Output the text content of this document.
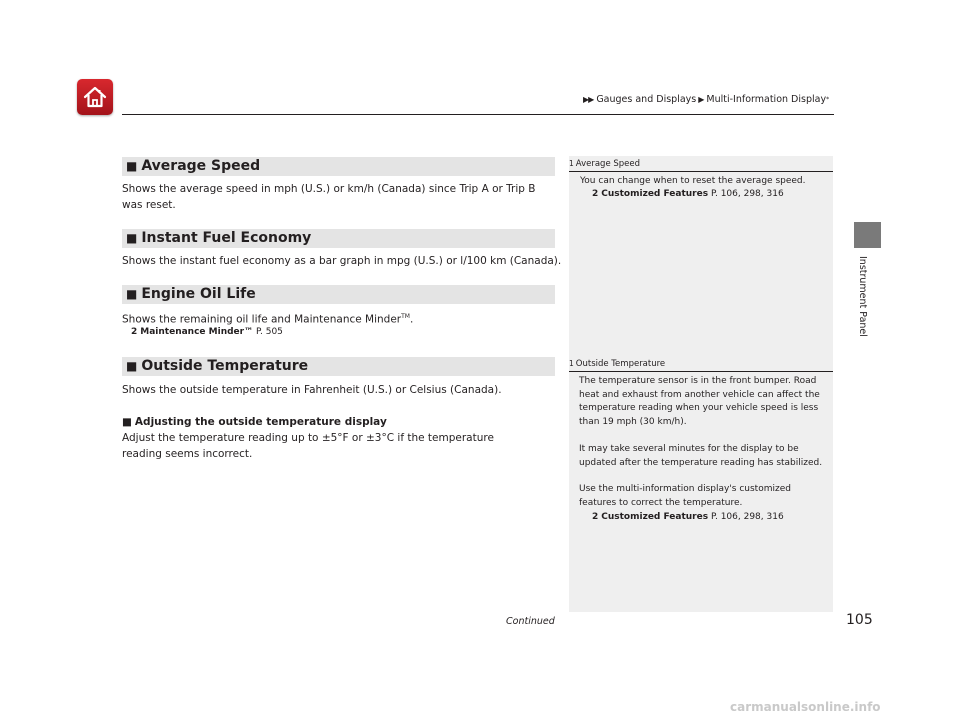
▶▶ Gauges and Displays ▶ Multi-Information Display*
Instrument Panel
■ Average Speed
Shows the average speed in mph (U.S.) or km/h (Canada) since Trip A or Trip B was reset.
■ Instant Fuel Economy
Shows the instant fuel economy as a bar graph in mpg (U.S.) or l/100 km (Canada).
■ Engine Oil Life
Shows the remaining oil life and Maintenance Minder™.
2 Maintenance Minder™ P. 505
■ Outside Temperature
Shows the outside temperature in Fahrenheit (U.S.) or Celsius (Canada).
■ Adjusting the outside temperature display
Adjust the temperature reading up to ±5°F or ±3°C if the temperature reading seems incorrect.
1 Average Speed
You can change when to reset the average speed.
2 Customized Features P. 106, 298, 316
1 Outside Temperature
The temperature sensor is in the front bumper. Road heat and exhaust from another vehicle can affect the temperature reading when your vehicle speed is less than 19 mph (30 km/h).
It may take several minutes for the display to be updated after the temperature reading has stabilized.
Use the multi-information display's customized features to correct the temperature.
2 Customized Features P. 106, 298, 316
Continued	105
carmanualsonline.info
